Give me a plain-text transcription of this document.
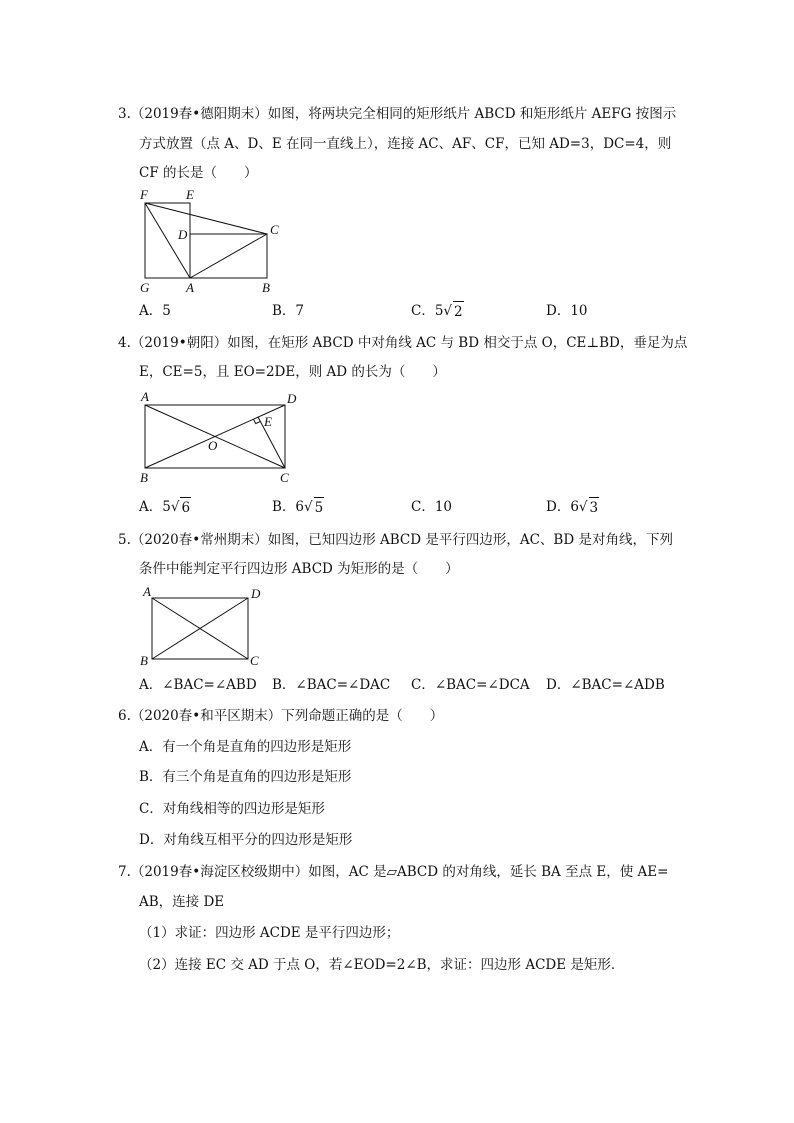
3.（2019春•德阳期末）如图，将两块完全相同的矩形纸片 ABCD 和矩形纸片 AEFG 按图示
方式放置（点 A、D、E 在同一直线上），连接 AC、AF、CF，已知 AD=3，DC=4，则
CF 的长是（　　）
F	E
D	C
G	A	B
A．5	B．7	C．5√ 2	D．10
4.（2019•朝阳）如图，在矩形 ABCD 中对角线 AC 与 BD 相交于点 O，CE⊥BD，垂足为点
E，CE=5，且 EO=2DE，则 AD 的长为（　　）
A	D
E
O
B	C
A．5√ 6	B．6√ 5	C．10	D．6√ 3
5.（2020春•常州期末）如图，已知四边形 ABCD 是平行四边形，AC、BD 是对角线，下列
条件中能判定平行四边形 ABCD 为矩形的是（　　）
A	D
B	C
A．∠BAC=∠ABD B．∠BAC=∠DAC C．∠BAC=∠DCA D．∠BAC=∠ADB
6.（2020春•和平区期末）下列命题正确的是（　　）
A．有一个角是直角的四边形是矩形
B．有三个角是直角的四边形是矩形
C．对角线相等的四边形是矩形
D．对角线互相平分的四边形是矩形
7.（2019春•海淀区校级期中）如图，AC 是▱ABCD 的对角线，延长 BA 至点 E，使 AE=
AB，连接 DE
（1）求证：四边形 ACDE 是平行四边形；
（2）连接 EC 交 AD 于点 O，若∠EOD=2∠B，求证：四边形 ACDE 是矩形．
